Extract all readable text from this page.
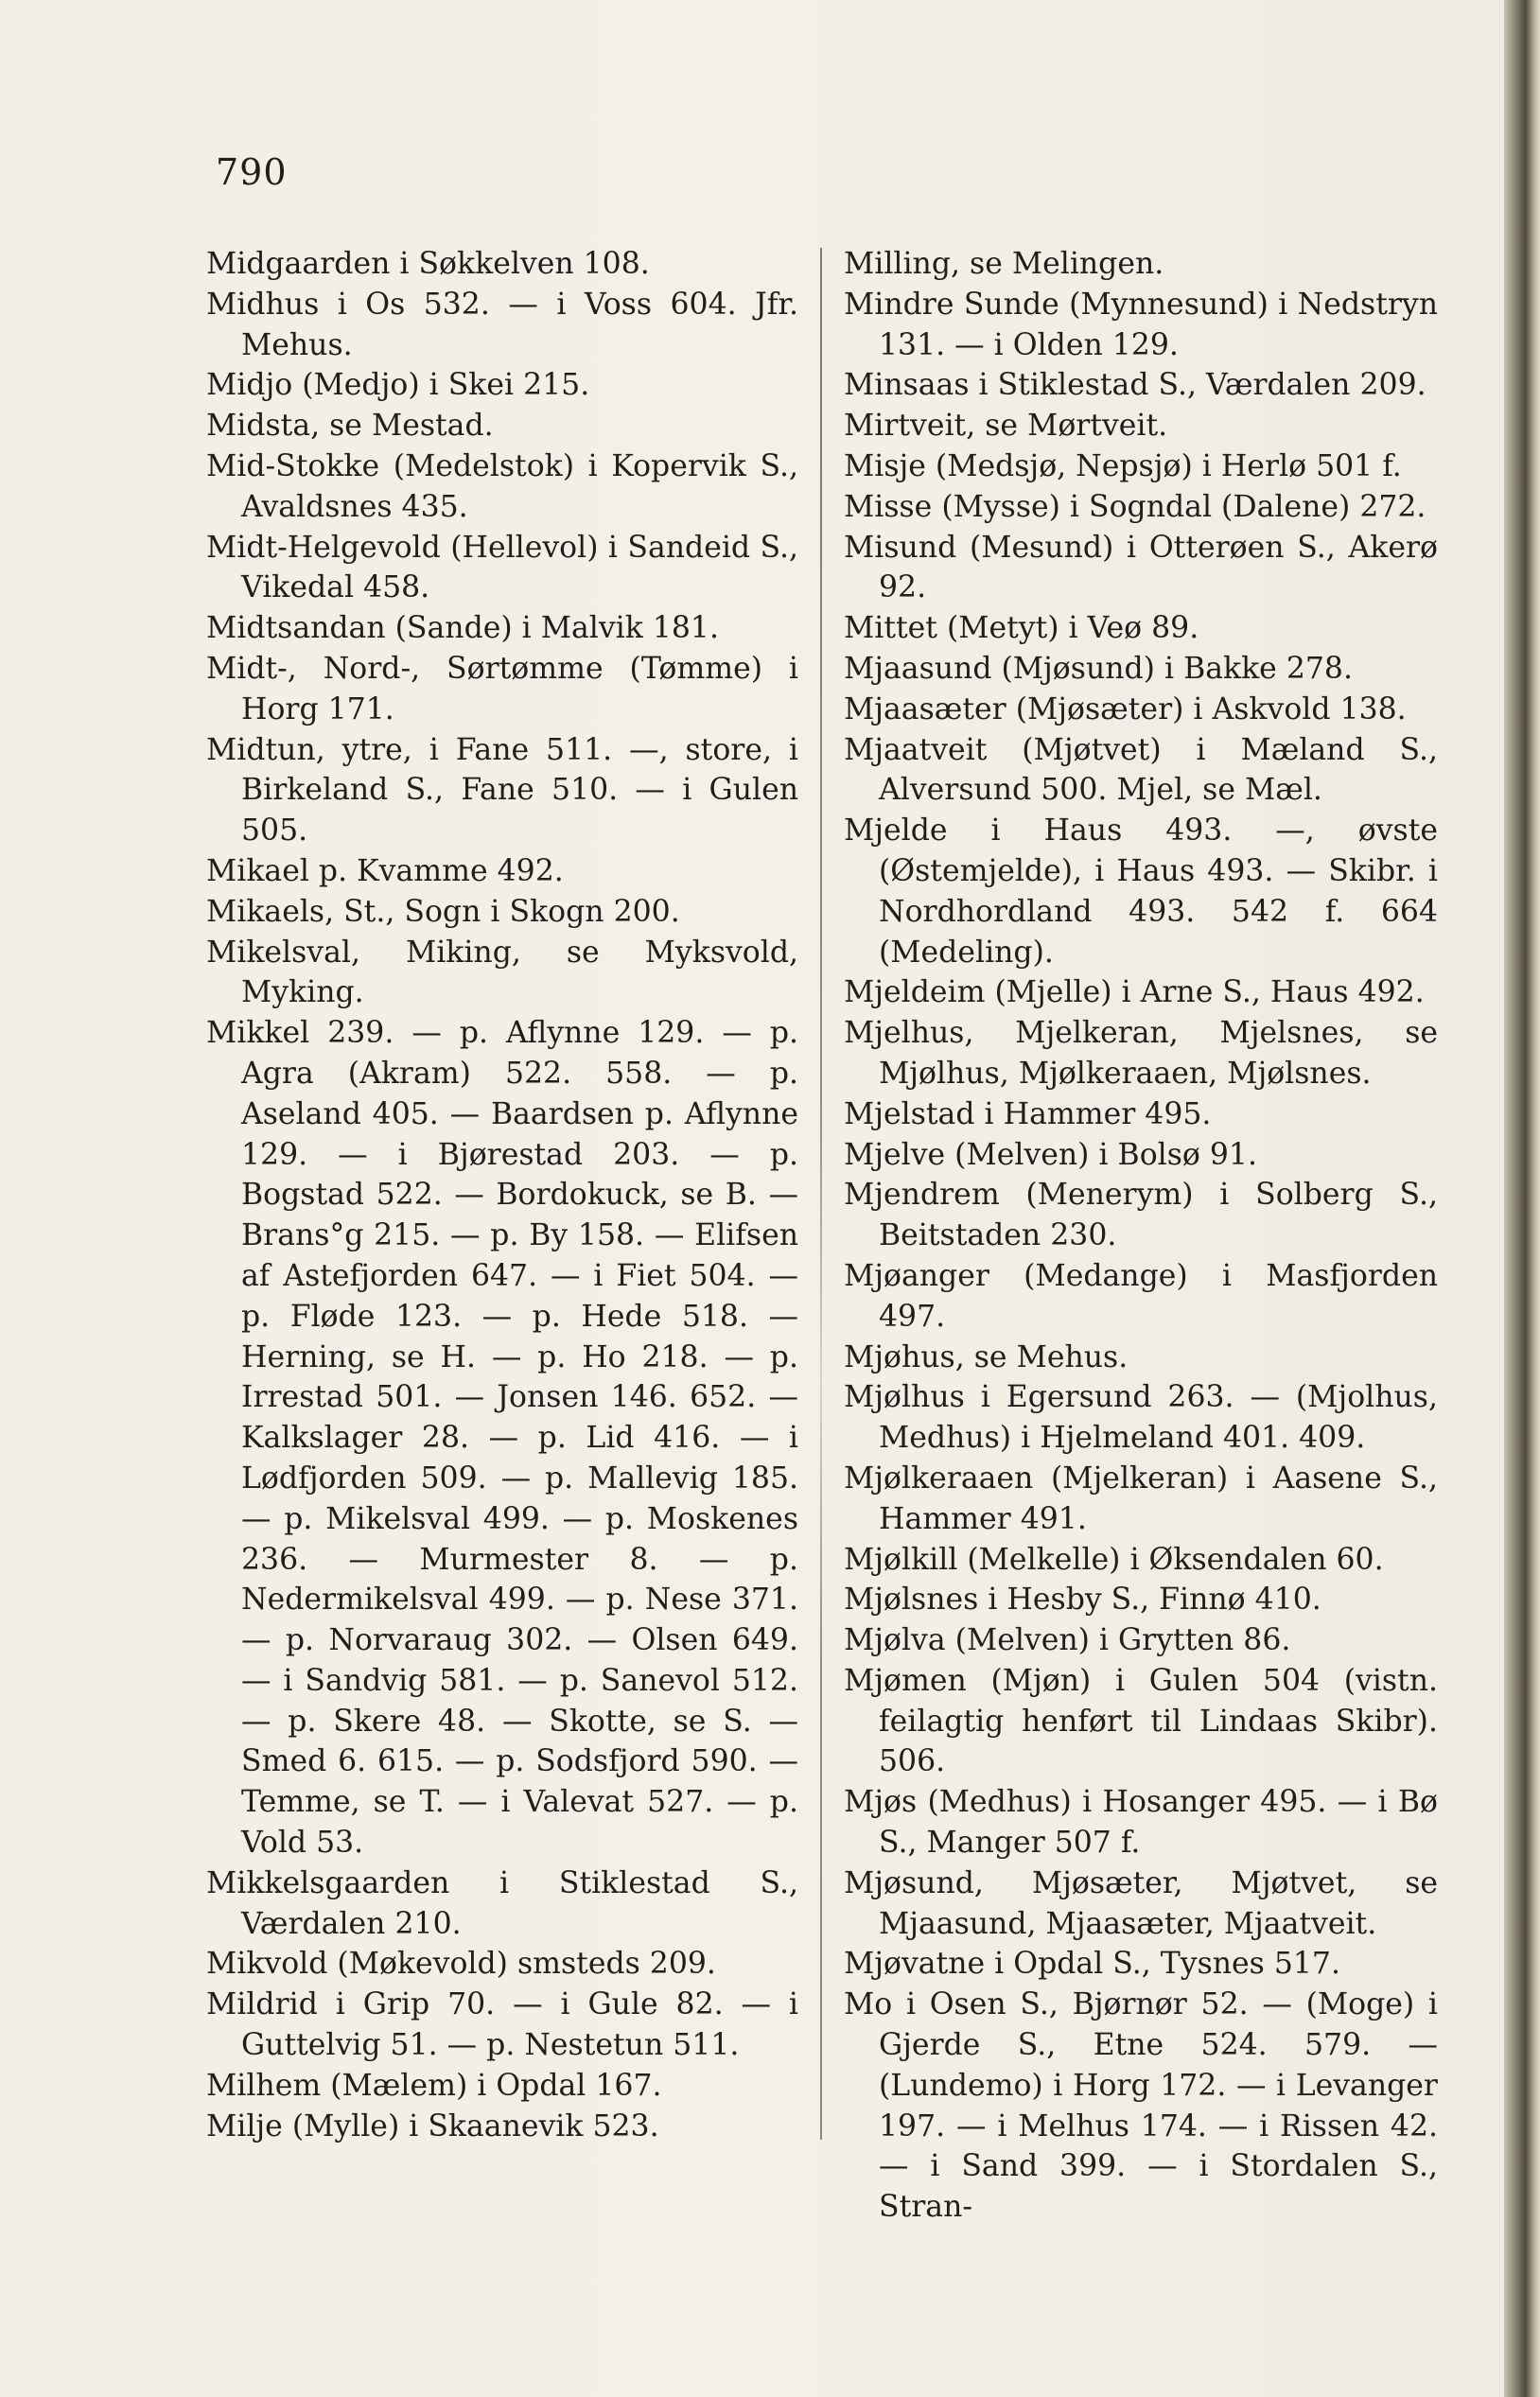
790
Midgaarden i Søkkelven 108.
Midhus i Os 532. — i Voss 604. Jfr. Mehus.
Midjo (Medjo) i Skei 215.
Midsta, se Mestad.
Mid-Stokke (Medelstok) i Kopervik S., Avaldsnes 435.
Midt-Helgevold (Hellevol) i Sandeid S., Vikedal 458.
Midtsandan (Sande) i Malvik 181.
Midt-, Nord-, Sørtømme (Tømme) i Horg 171.
Midtun, ytre, i Fane 511. —, store, i Birkeland S., Fane 510. — i Gulen 505.
Mikael p. Kvamme 492.
Mikaels, St., Sogn i Skogn 200.
Mikelsval, Miking, se Myksvold, Myking.
Mikkel 239. — p. Aflynne 129. — p. Agra (Akram) 522. 558. — p. Aseland 405. — Baardsen p. Aflynne 129. — i Bjørestad 203. — p. Bogstad 522. — Bordokuck, se B. — Brans°g 215. — p. By 158. — Elifsen af Astefjorden 647. — i Fiet 504. — p. Fløde 123. — p. Hede 518. — Herning, se H. — p. Ho 218. — p. Irrestad 501. — Jonsen 146. 652. — Kalkslager 28. — p. Lid 416. — i Lødfjorden 509. — p. Mallevig 185. — p. Mikelsval 499. — p. Moskenes 236. — Murmester 8. — p. Nedermikelsval 499. — p. Nese 371. — p. Norvaraug 302. — Olsen 649. — i Sandvig 581. — p. Sanevol 512. — p. Skere 48. — Skotte, se S. — Smed 6. 615. — p. Sodsfjord 590. — Temme, se T. — i Valevat 527. — p. Vold 53.
Mikkelsgaarden i Stiklestad S., Værdalen 210.
Mikvold (Møkevold) smsteds 209.
Mildrid i Grip 70. — i Gule 82. — i Guttelvig 51. — p. Nestetun 511.
Milhem (Mælem) i Opdal 167.
Milje (Mylle) i Skaanevik 523.
Milling, se Melingen.
Mindre Sunde (Mynnesund) i Nedstryn 131. — i Olden 129.
Minsaas i Stiklestad S., Værdalen 209.
Mirtveit, se Mørtveit.
Misje (Medsjø, Nepsjø) i Herlø 501 f.
Misse (Mysse) i Sogndal (Dalene) 272.
Misund (Mesund) i Otterøen S., Akerø 92.
Mittet (Metyt) i Veø 89.
Mjaasund (Mjøsund) i Bakke 278.
Mjaasæter (Mjøsæter) i Askvold 138.
Mjaatveit (Mjøtvet) i Mæland S., Alversund 500. Mjel, se Mæl.
Mjelde i Haus 493. —, øvste (Østemjelde), i Haus 493. — Skibr. i Nordhordland 493. 542 f. 664 (Medeling).
Mjeldeim (Mjelle) i Arne S., Haus 492.
Mjelhus, Mjelkeran, Mjelsnes, se Mjølhus, Mjølkeraaen, Mjølsnes.
Mjelstad i Hammer 495.
Mjelve (Melven) i Bolsø 91.
Mjendrem (Menerym) i Solberg S., Beitstaden 230.
Mjøanger (Medange) i Masfjorden 497.
Mjøhus, se Mehus.
Mjølhus i Egersund 263. — (Mjolhus, Medhus) i Hjelmeland 401. 409.
Mjølkeraaen (Mjelkeran) i Aasene S., Hammer 491.
Mjølkill (Melkelle) i Øksendalen 60.
Mjølsnes i Hesby S., Finnø 410.
Mjølva (Melven) i Grytten 86.
Mjømen (Mjøn) i Gulen 504 (vistn. feilagtig henført til Lindaas Skibr). 506.
Mjøs (Medhus) i Hosanger 495. — i Bø S., Manger 507 f.
Mjøsund, Mjøsæter, Mjøtvet, se Mjaasund, Mjaasæter, Mjaatveit.
Mjøvatne i Opdal S., Tysnes 517.
Mo i Osen S., Bjørnør 52. — (Moge) i Gjerde S., Etne 524. 579. — (Lundemo) i Horg 172. — i Levanger 197. — i Melhus 174. — i Rissen 42. — i Sand 399. — i Stordalen S., Stran-
